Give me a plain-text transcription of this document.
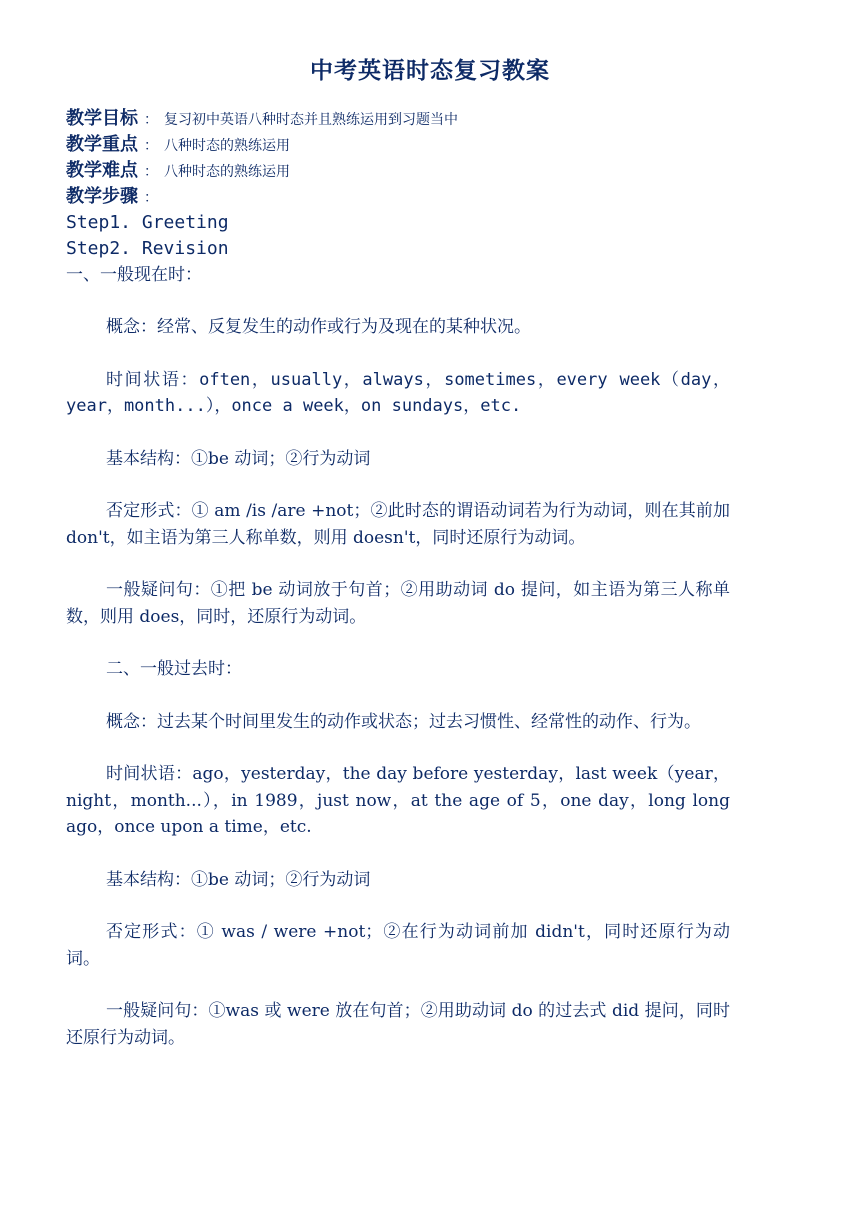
中考英语时态复习教案
教学目标 ： 复习初中英语八种时态并且熟练运用到习题当中
教学重点 ： 八种时态的熟练运用
教学难点 ： 八种时态的熟练运用
教学步骤 ：
Step1. Greeting
Step2. Revision
一、一般现在时：

概念：经常、反复发生的动作或行为及现在的某种状况。

时间状语：often，usually，always，sometimes，every week（day，year，month...），once a week，on sundays，etc.

基本结构：①be 动词；②行为动词

否定形式：① am /is /are +not；②此时态的谓语动词若为行为动词，则在其前加 don't，如主语为第三人称单数，则用 doesn't，同时还原行为动词。

一般疑问句：①把 be 动词放于句首；②用助动词 do 提问，如主语为第三人称单数，则用 does，同时，还原行为动词。

二、一般过去时：

概念：过去某个时间里发生的动作或状态；过去习惯性、经常性的动作、行为。

时间状语：ago，yesterday，the day before yesterday，last week（year，night，month...），in 1989，just now，at the age of 5，one day，long long ago，once upon a time，etc.

基本结构：①be 动词；②行为动词

否定形式：① was / were +not；②在行为动词前加 didn't，同时还原行为动词。

一般疑问句：①was 或 were 放在句首；②用助动词 do 的过去式 did 提问，同时还原行为动词。
